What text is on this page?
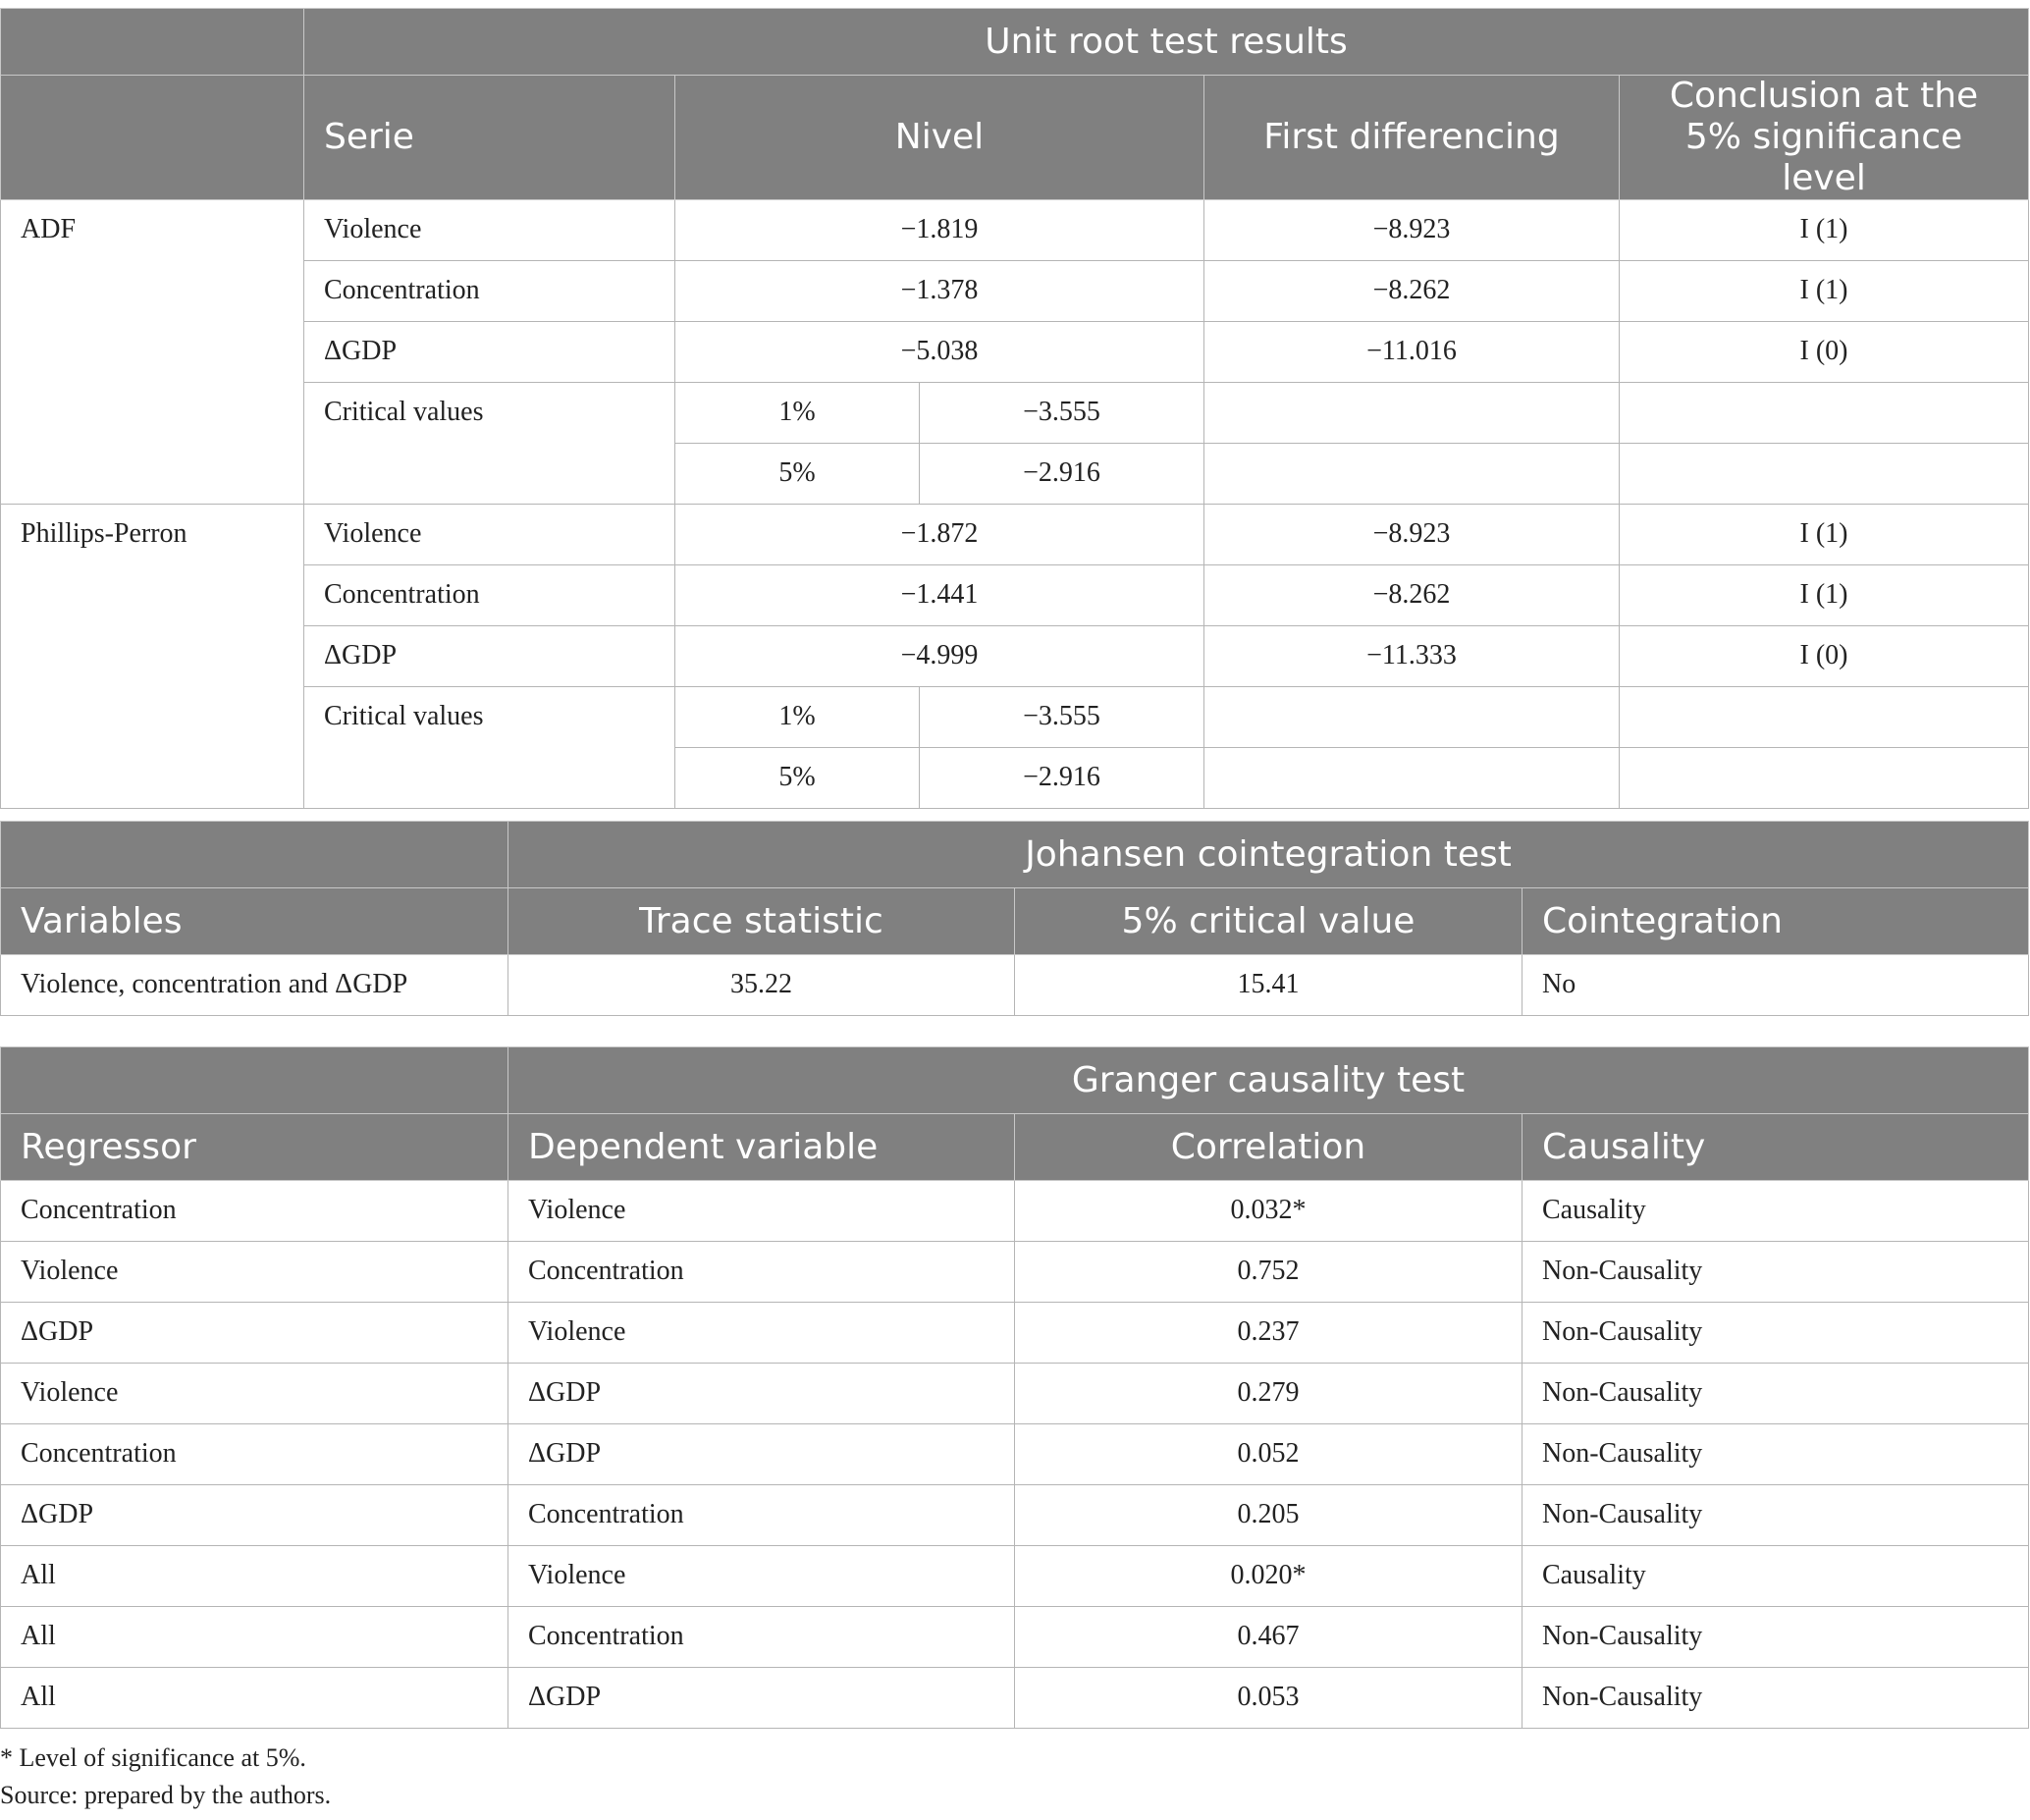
	Unit root test results				
	Serie	Nivel		First differencing	Conclusion at the 5% significance level
ADF	Violence	−1.819		−8.923	I (1)
	Concentration	−1.378		−8.262	I (1)
	ΔGDP	−5.038		−11.016	I (0)
	Critical values	1%	−3.555		
		5%	−2.916		
Phillips-Perron	Violence	−1.872		−8.923	I (1)
	Concentration	−1.441		−8.262	I (1)
	ΔGDP	−4.999		−11.333	I (0)
	Critical values	1%	−3.555		
		5%	−2.916		
	Johansen cointegration test		
Variables	Trace statistic	5% critical value	Cointegration
Violence, concentration and ΔGDP	35.22	15.41	No
	Granger causality test		
Regressor	Dependent variable	Correlation	Causality
Concentration	Violence	0.032*	Causality
Violence	Concentration	0.752	Non-Causality
ΔGDP	Violence	0.237	Non-Causality
Violence	ΔGDP	0.279	Non-Causality
Concentration	ΔGDP	0.052	Non-Causality
ΔGDP	Concentration	0.205	Non-Causality
All	Violence	0.020*	Causality
All	Concentration	0.467	Non-Causality
All	ΔGDP	0.053	Non-Causality
* Level of significance at 5%.
Source: prepared by the authors.
